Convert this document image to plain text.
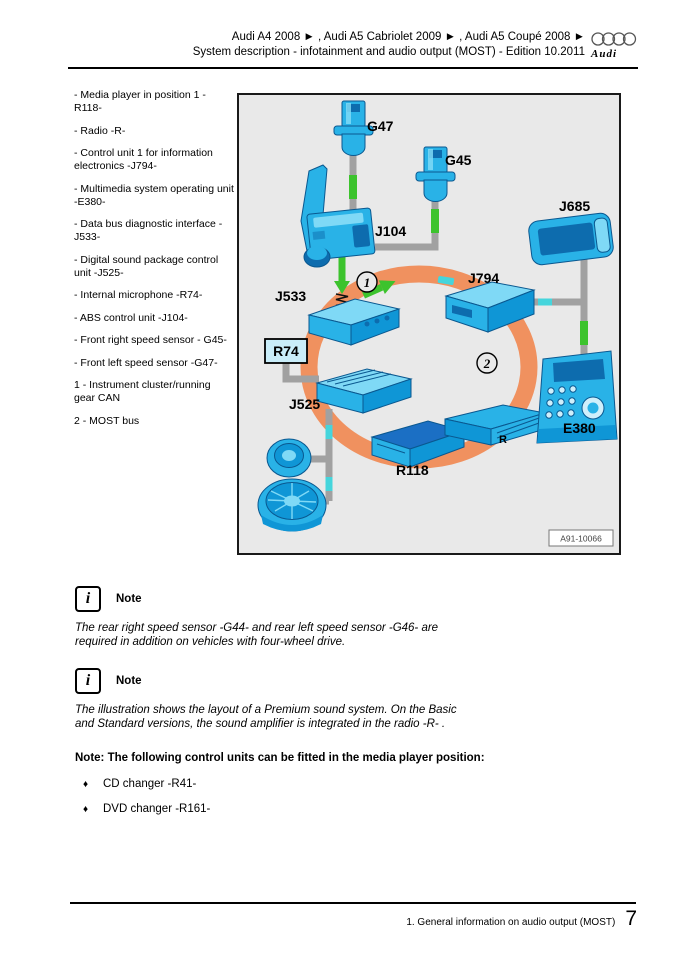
Audi A4 2008 ► , Audi A5 Cabriolet 2009 ► , Audi A5 Coupé 2008 ►
System description - infotainment and audio output (MOST) - Edition 10.2011 Audi
- Media player in position 1 - R118-
- Radio -R-
- Control unit 1 for information electronics -J794-
- Multimedia system operating unit -E380-
- Data bus diagnostic interface -J533-
- Digital sound package control unit -J525-
- Internal microphone -R74-
- ABS control unit -J104-
- Front right speed sensor - G45-
- Front left speed sensor -G47-
1 - Instrument cluster/running gear CAN
2 - MOST bus
R74
G47
G45
J685
J104
J794
J533
J525
E380
R118
R
1
2
A91-10066
i	Note
The rear right speed sensor -G44- and rear left speed sensor -G46- are required in addition on vehicles with four-wheel drive.
i	Note
The illustration shows the layout of a Premium sound system. On the Basic and Standard versions, the sound amplifier is integrated in the radio -R- .
Note: The following control units can be fitted in the media player position:
♦	CD changer -R41-
♦	DVD changer -R161-
1. General information on audio output (MOST) 7
